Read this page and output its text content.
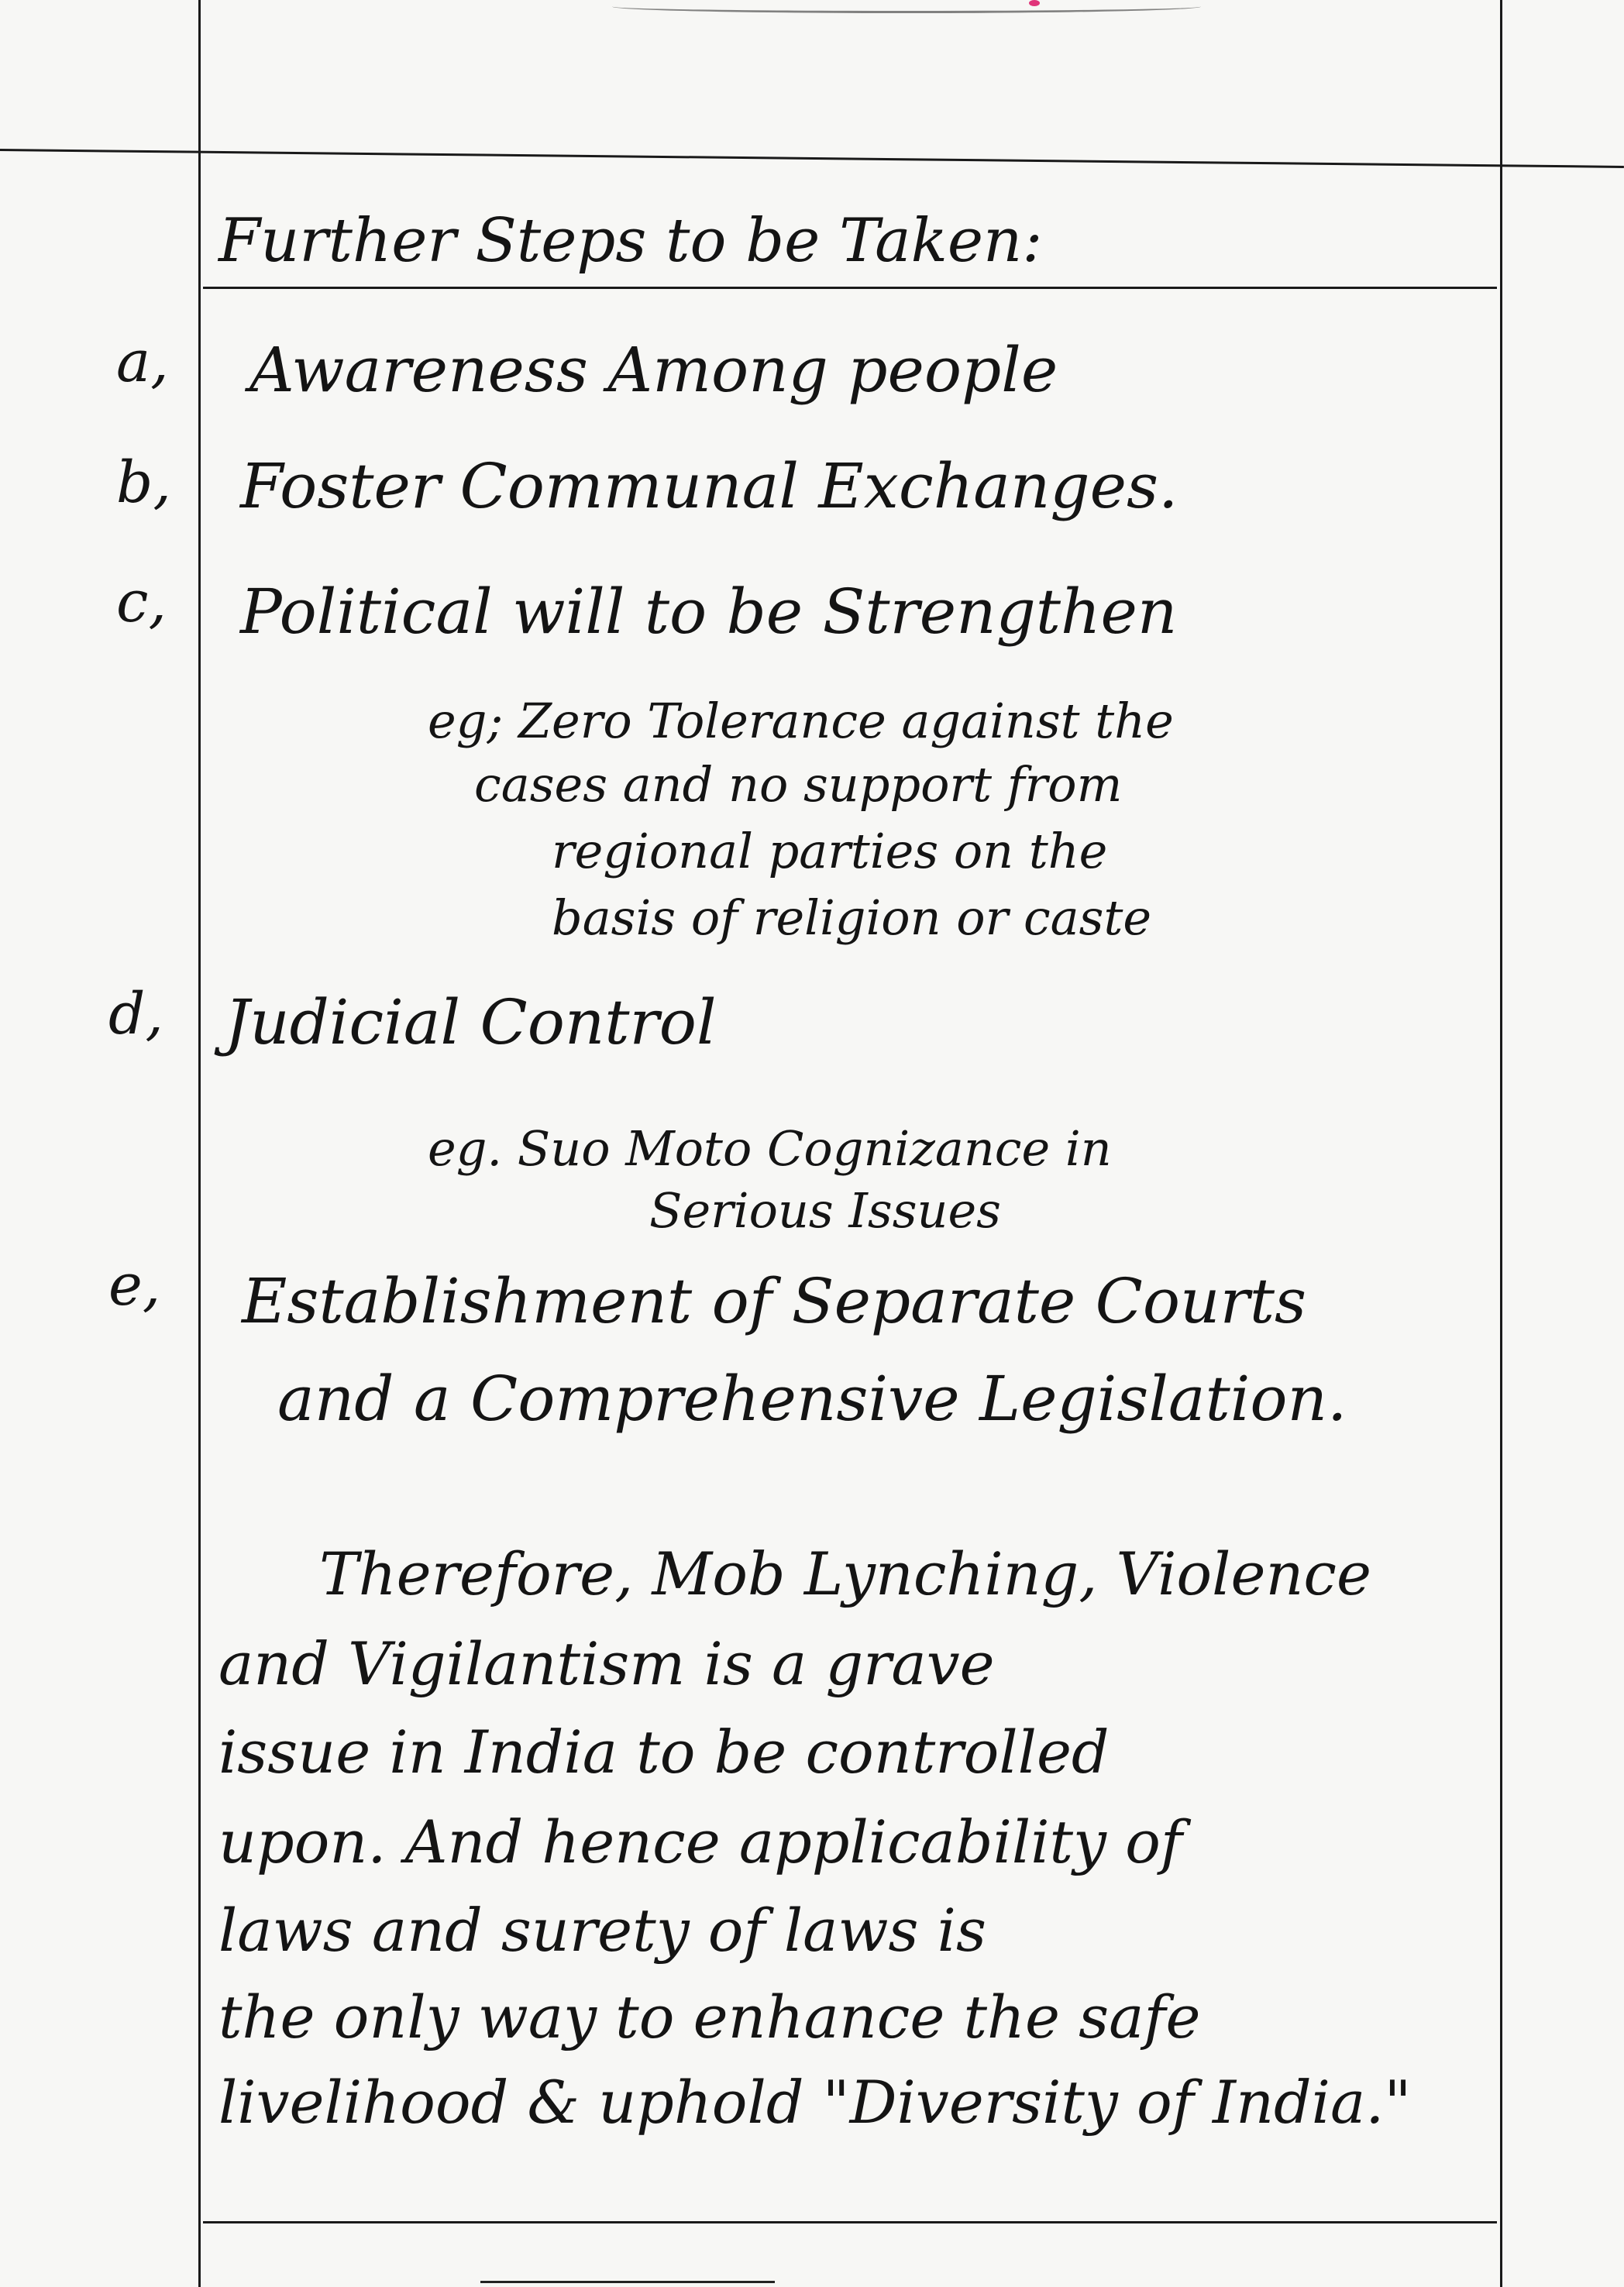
Further Steps to be Taken:
a, Awareness Among people
b, Foster Communal Exchanges.
c, Political will to be Strengthen
eg; Zero Tolerance against the
cases and no support from
regional parties on the
basis of religion or caste
d, Judicial Control
eg. Suo Moto Cognizance in
Serious Issues
e, Establishment of Separate Courts
and a Comprehensive Legislation.
Therefore, Mob Lynching, Violence
and Vigilantism is a grave
issue in India to be controlled
upon. And hence applicability of
laws and surety of laws is
the only way to enhance the safe
livelihood & uphold "Diversity of India."
